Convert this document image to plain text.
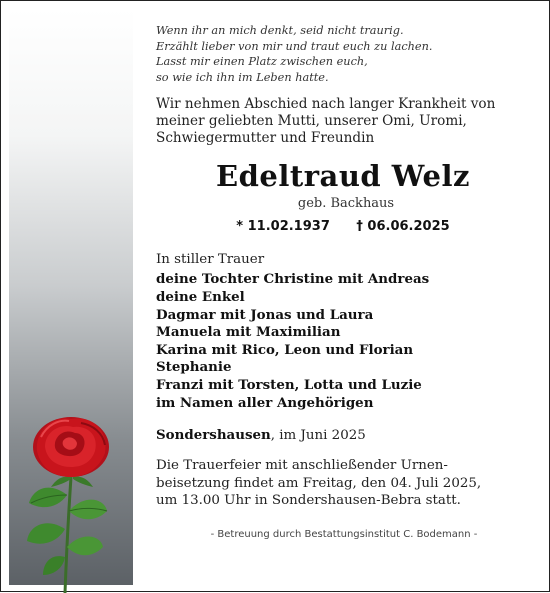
Wenn ihr an mich denkt, seid nicht traurig.
Erzählt lieber von mir und traut euch zu lachen.
Lasst mir einen Platz zwischen euch,
so wie ich ihn im Leben hatte.
Wir nehmen Abschied nach langer Krankheit von
meiner geliebten Mutti, unserer Omi, Uromi,
Schwiegermutter und Freundin
Edeltraud Welz
geb. Backhaus
* 11.02.1937 † 06.06.2025
In stiller Trauer
deine Tochter Christine mit Andreas
deine Enkel
Dagmar mit Jonas und Laura
Manuela mit Maximilian
Karina mit Rico, Leon und Florian
Stephanie
Franzi mit Torsten, Lotta und Luzie
im Namen aller Angehörigen
Sondershausen, im Juni 2025
Die Trauerfeier mit anschließender Urnen-
beisetzung findet am Freitag, den 04. Juli 2025,
um 13.00 Uhr in Sondershausen-Bebra statt.
- Betreuung durch Bestattungsinstitut C. Bodemann -
